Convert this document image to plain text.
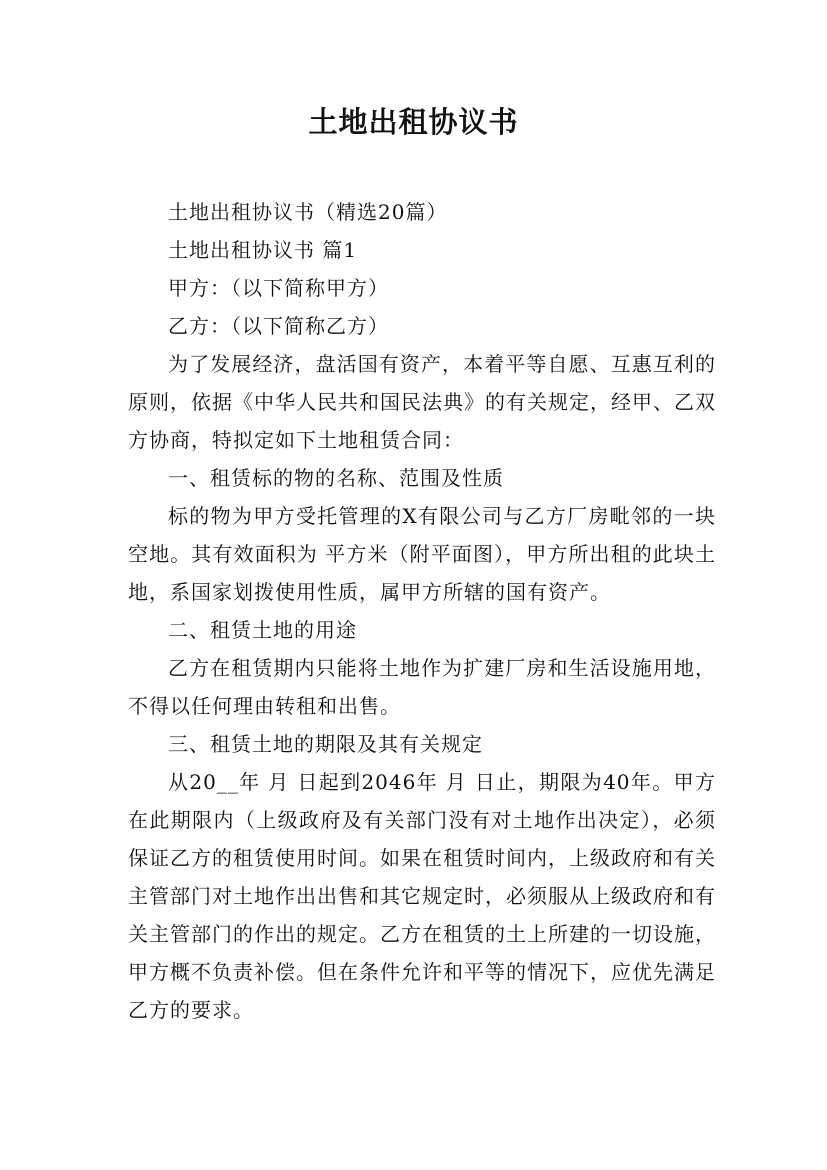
土地出租协议书

土地出租协议书（精选20篇）

土地出租协议书 篇1

甲方：（以下简称甲方）

乙方：（以下简称乙方）

为了发展经济，盘活国有资产，本着平等自愿、互惠互利的原则，依据《中华人民共和国民法典》的有关规定，经甲、乙双方协商，特拟定如下土地租赁合同：

一、租赁标的物的名称、范围及性质

标的物为甲方受托管理的X有限公司与乙方厂房毗邻的一块空地。其有效面积为 平方米（附平面图），甲方所出租的此块土地，系国家划拨使用性质，属甲方所辖的国有资产。

二、租赁土地的用途

乙方在租赁期内只能将土地作为扩建厂房和生活设施用地，不得以任何理由转租和出售。

三、租赁土地的期限及其有关规定

从20__年 月 日起到2046年 月 日止，期限为40年。甲方在此期限内（上级政府及有关部门没有对土地作出决定），必须保证乙方的租赁使用时间。如果在租赁时间内，上级政府和有关主管部门对土地作出出售和其它规定时，必须服从上级政府和有关主管部门的作出的规定。乙方在租赁的土上所建的一切设施，甲方概不负责补偿。但在条件允许和平等的情况下，应优先满足乙方的要求。
